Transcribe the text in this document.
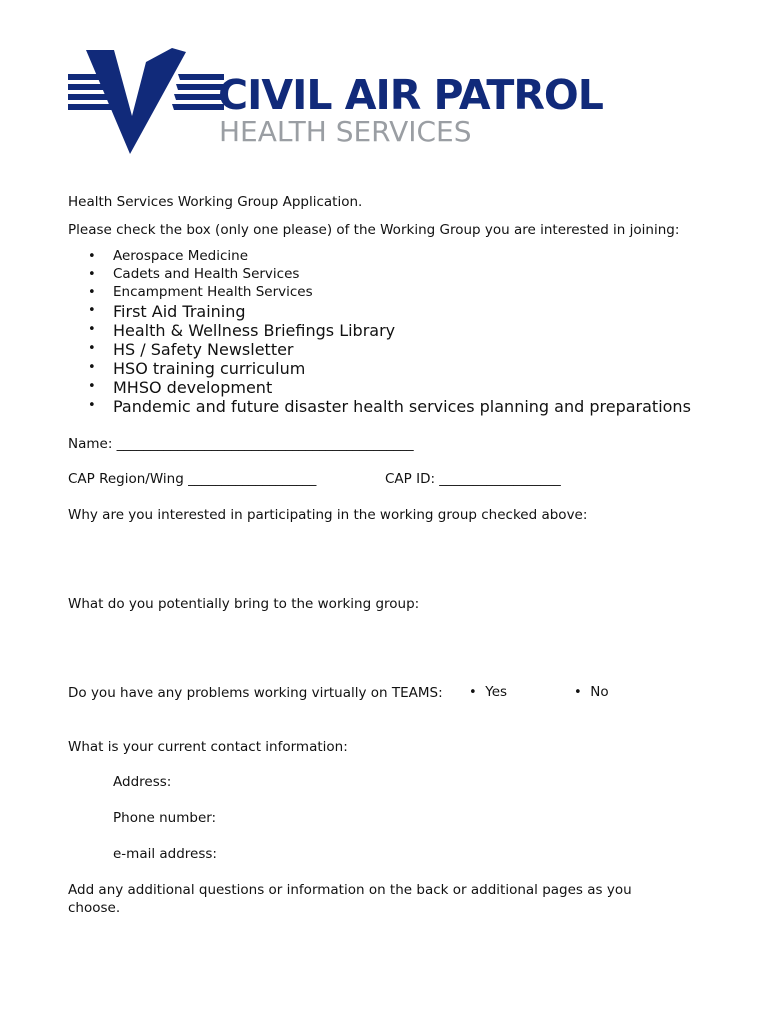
CIVIL AIR PATROL
HEALTH SERVICES
Health Services Working Group Application.
Please check the box (only one please) of the Working Group you are interested in joining:
• Aerospace Medicine
• Cadets and Health Services
• Encampment Health Services
• First Aid Training
• Health & Wellness Briefings Library
• HS / Safety Newsletter
• HSO training curriculum
• MHSO development
• Pandemic and future disaster health services planning and preparations
Name: ____________________________________________
CAP Region/Wing ___________________	CAP ID: __________________
Why are you interested in participating in the working group checked above:
What do you potentially bring to the working group:
Do you have any problems working virtually on TEAMS: • Yes	• No
What is your current contact information:
Address:
Phone number:
e-mail address:
Add any additional questions or information on the back or additional pages as you
choose.
